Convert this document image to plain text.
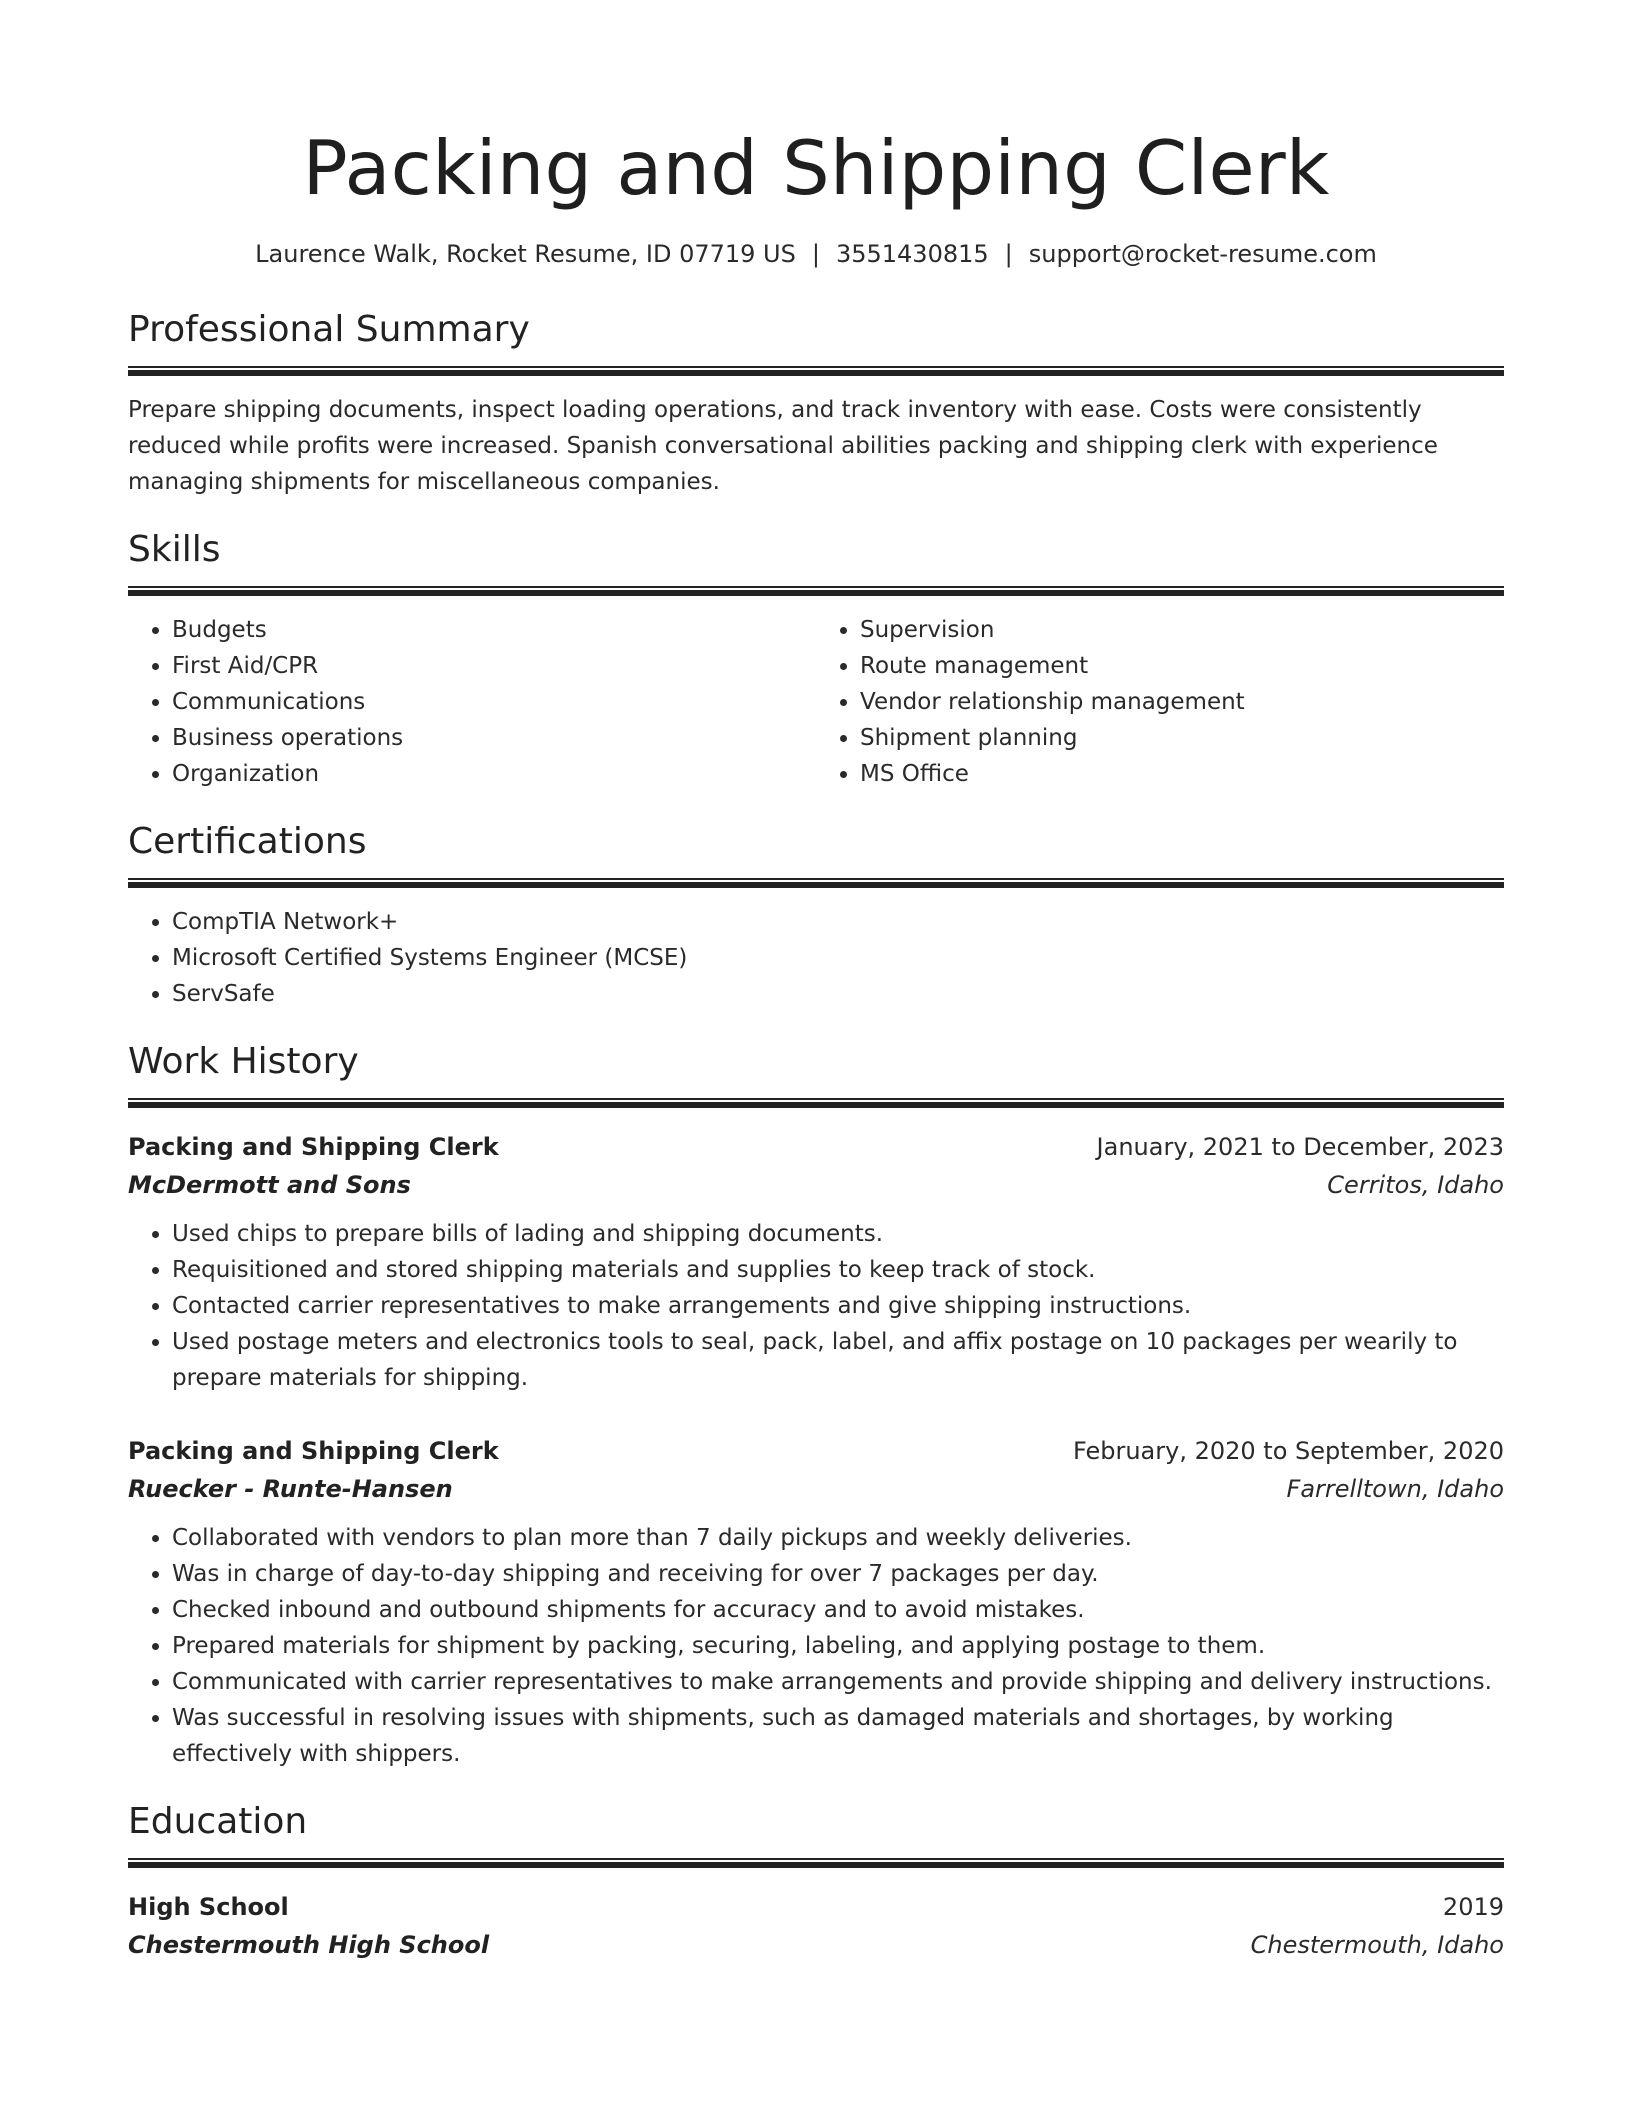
Packing and Shipping Clerk
Laurence Walk, Rocket Resume, ID 07719 US | 3551430815 | support@rocket-resume.com
Professional Summary

Prepare shipping documents, inspect loading operations, and track inventory with ease. Costs were consistently reduced while profits were increased. Spanish conversational abilities packing and shipping clerk with experience managing shipments for miscellaneous companies.

Skills
• Budgets
• First Aid/CPR
• Communications
• Business operations
• Organization
• Supervision
• Route management
• Vendor relationship management
• Shipment planning
• MS Office
Certifications
• CompTIA Network+
• Microsoft Certified Systems Engineer (MCSE)
• ServSafe
Work History
Packing and Shipping Clerk	January, 2021 to December, 2023
McDermott and Sons	Cerritos, Idaho
• Used chips to prepare bills of lading and shipping documents.
• Requisitioned and stored shipping materials and supplies to keep track of stock.
• Contacted carrier representatives to make arrangements and give shipping instructions.
• Used postage meters and electronics tools to seal, pack, label, and affix postage on 10 packages per wearily to prepare materials for shipping.
Packing and Shipping Clerk	February, 2020 to September, 2020
Ruecker - Runte-Hansen	Farrelltown, Idaho
• Collaborated with vendors to plan more than 7 daily pickups and weekly deliveries.
• Was in charge of day-to-day shipping and receiving for over 7 packages per day.
• Checked inbound and outbound shipments for accuracy and to avoid mistakes.
• Prepared materials for shipment by packing, securing, labeling, and applying postage to them.
• Communicated with carrier representatives to make arrangements and provide shipping and delivery instructions.
• Was successful in resolving issues with shipments, such as damaged materials and shortages, by working effectively with shippers.
Education
High School	2019
Chestermouth High School	Chestermouth, Idaho
